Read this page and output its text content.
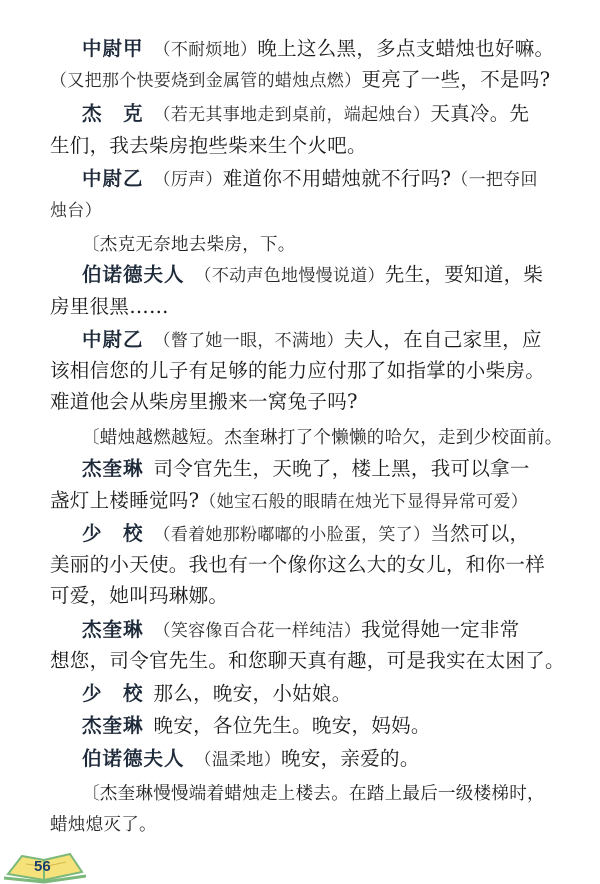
中尉甲 （不耐烦地）晚上这么黑，多点支蜡烛也好嘛。
（又把那个快要烧到金属管的蜡烛点燃）更亮了一些，不是吗?
杰　克 （若无其事地走到桌前，端起烛台）天真冷。先
生们，我去柴房抱些柴来生个火吧。
中尉乙 （厉声）难道你不用蜡烛就不行吗?（一把夺回
烛台）
〔杰克无奈地去柴房，下。
伯诺德夫人 （不动声色地慢慢说道）先生，要知道，柴
房里很黑……
中尉乙 （瞥了她一眼，不满地）夫人，在自己家里，应
该相信您的儿子有足够的能力应付那了如指掌的小柴房。
难道他会从柴房里搬来一窝兔子吗?
〔蜡烛越燃越短。杰奎琳打了个懒懒的哈欠，走到少校面前。
杰奎琳 司令官先生，天晚了，楼上黑，我可以拿一
盏灯上楼睡觉吗?（她宝石般的眼睛在烛光下显得异常可爱）
少　校 （看着她那粉嘟嘟的小脸蛋，笑了）当然可以，
美丽的小天使。我也有一个像你这么大的女儿，和你一样
可爱，她叫玛琳娜。
杰奎琳 （笑容像百合花一样纯洁）我觉得她一定非常
想您，司令官先生。和您聊天真有趣，可是我实在太困了。
少　校 那么，晚安，小姑娘。
杰奎琳 晚安，各位先生。晚安，妈妈。
伯诺德夫人 （温柔地）晚安，亲爱的。
〔杰奎琳慢慢端着蜡烛走上楼去。在踏上最后一级楼梯时，
蜡烛熄灭了。
56
